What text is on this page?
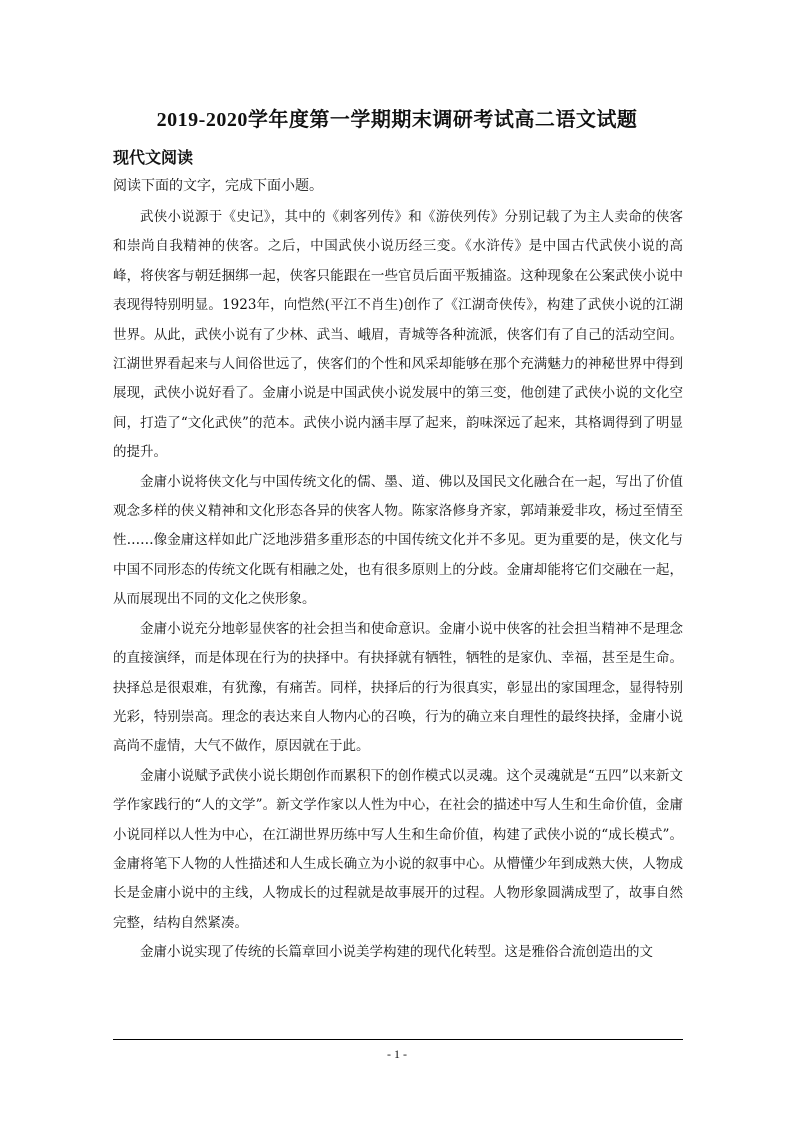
2019-2020学年度第一学期期末调研考试高二语文试题
现代文阅读
阅读下面的文字，完成下面小题。

武侠小说源于《史记》，其中的《刺客列传》和《游侠列传》分别记载了为主人卖命的侠客和崇尚自我精神的侠客。之后，中国武侠小说历经三变。《水浒传》是中国古代武侠小说的高峰，将侠客与朝廷捆绑一起，侠客只能跟在一些官员后面平叛捕盗。这种现象在公案武侠小说中表现得特别明显。1923年，向恺然(平江不肖生)创作了《江湖奇侠传》，构建了武侠小说的江湖世界。从此，武侠小说有了少林、武当、峨眉，青城等各种流派，侠客们有了自己的活动空间。江湖世界看起来与人间俗世远了，侠客们的个性和风采却能够在那个充满魅力的神秘世界中得到展现，武侠小说好看了。金庸小说是中国武侠小说发展中的第三变，他创建了武侠小说的文化空间，打造了“文化武侠”的范本。武侠小说内涵丰厚了起来，韵味深远了起来，其格调得到了明显的提升。

金庸小说将侠文化与中国传统文化的儒、墨、道、佛以及国民文化融合在一起，写出了价值观念多样的侠义精神和文化形态各异的侠客人物。陈家洛修身齐家，郭靖兼爱非攻，杨过至情至性……像金庸这样如此广泛地涉猎多重形态的中国传统文化并不多见。更为重要的是，侠文化与中国不同形态的传统文化既有相融之处，也有很多原则上的分歧。金庸却能将它们交融在一起，从而展现出不同的文化之侠形象。

金庸小说充分地彰显侠客的社会担当和使命意识。金庸小说中侠客的社会担当精神不是理念的直接演绎，而是体现在行为的抉择中。有抉择就有牺牲，牺牲的是家仇、幸福，甚至是生命。抉择总是很艰难，有犹豫，有痛苦。同样，抉择后的行为很真实，彰显出的家国理念，显得特别光彩，特别崇高。理念的表达来自人物内心的召唤，行为的确立来自理性的最终抉择，金庸小说高尚不虚情，大气不做作，原因就在于此。

金庸小说赋予武侠小说长期创作而累积下的创作模式以灵魂。这个灵魂就是“五四”以来新文学作家践行的“人的文学”。新文学作家以人性为中心，在社会的描述中写人生和生命价值，金庸小说同样以人性为中心，在江湖世界历练中写人生和生命价值，构建了武侠小说的“成长模式”。金庸将笔下人物的人性描述和人生成长确立为小说的叙事中心。从懵懂少年到成熟大侠，人物成长是金庸小说中的主线，人物成长的过程就是故事展开的过程。人物形象圆满成型了，故事自然完整，结构自然紧凑。

金庸小说实现了传统的长篇章回小说美学构建的现代化转型。这是雅俗合流创造出的文

- 1 -
